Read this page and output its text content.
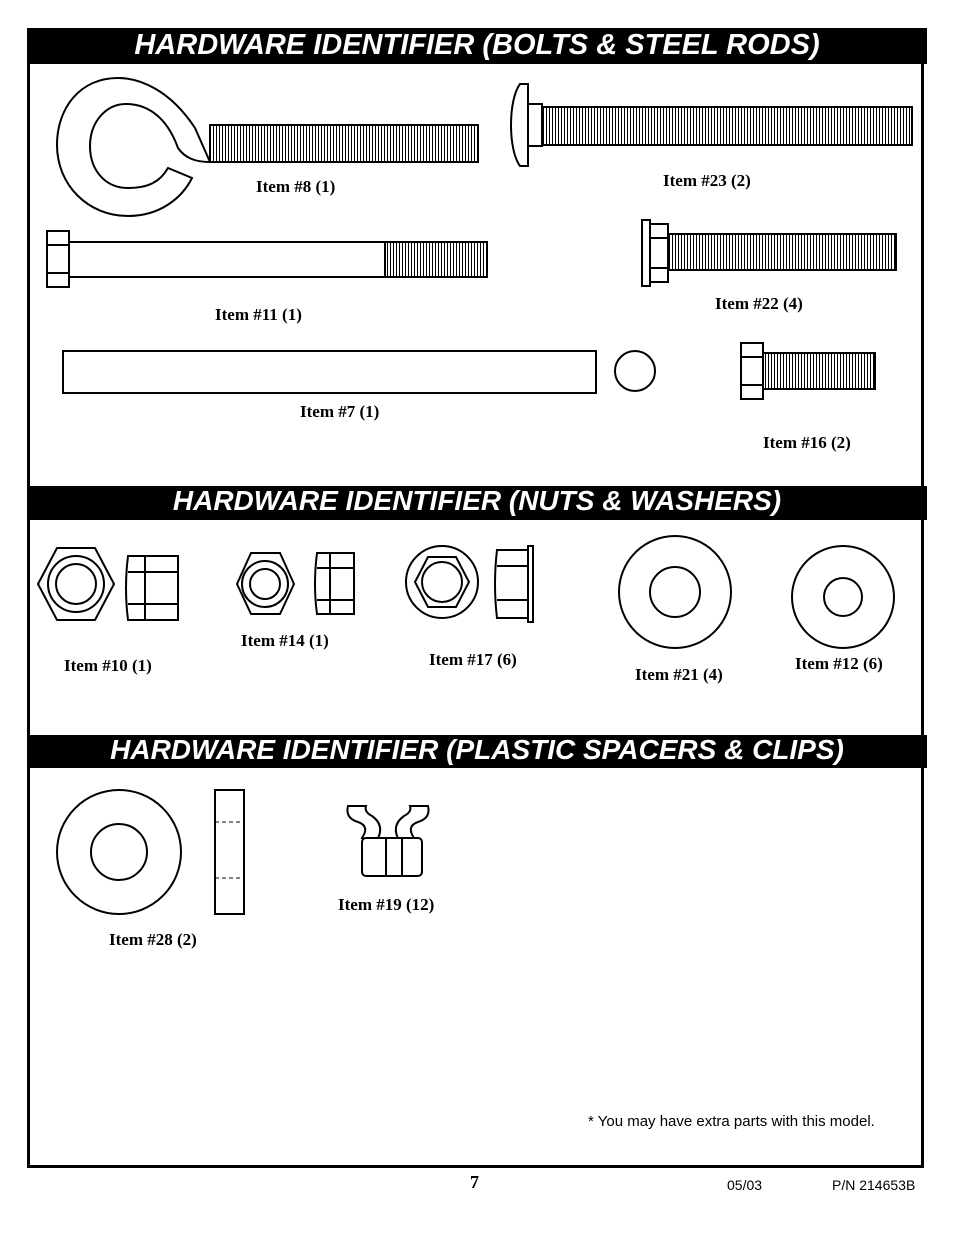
HARDWARE IDENTIFIER (BOLTS & STEEL RODS)
HARDWARE IDENTIFIER (NUTS & WASHERS)
HARDWARE IDENTIFIER (PLASTIC SPACERS & CLIPS)
Item #8 (1)	Item #23 (2)
Item #11 (1)
Item #22 (4)
Item #7 (1)
Item #16 (2)
Item #10 (1)
Item #14 (1)
Item #17 (6)
Item #21 (4)
Item #12 (6)
Item #28 (2)
Item #19 (12)
* You may have extra parts with this model.
7	05/03	P/N 214653B
